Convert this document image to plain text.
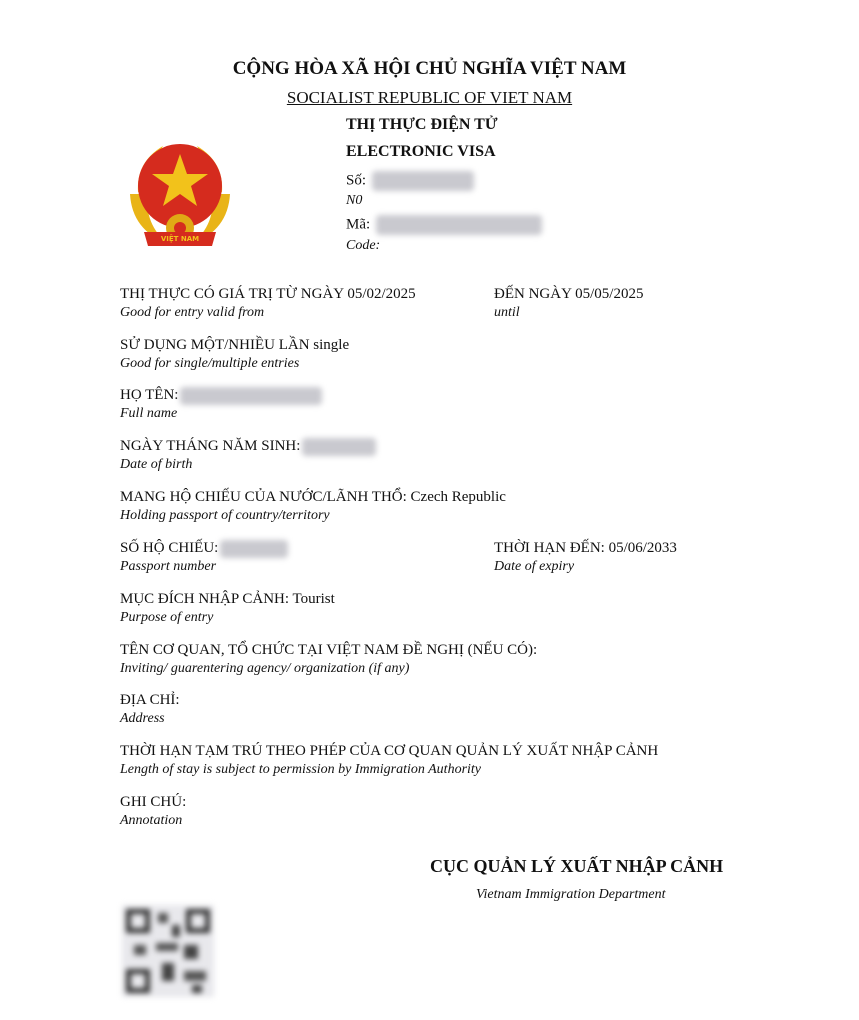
CỘNG HÒA XÃ HỘI CHỦ NGHĨA VIỆT NAM
SOCIALIST REPUBLIC OF VIET NAM
THỊ THỰC ĐIỆN TỬ
ELECTRONIC VISA
VIỆT NAM
Số:
N0
Mã:
Code:
THỊ THỰC CÓ GIÁ TRỊ TỪ NGÀY 05/02/2025
Good for entry valid from
ĐẾN NGÀY 05/05/2025
until
SỬ DỤNG MỘT/NHIỀU LẦN single
Good for single/multiple entries
HỌ TÊN:
Full name
NGÀY THÁNG NĂM SINH:
Date of birth
MANG HỘ CHIẾU CỦA NƯỚC/LÃNH THỔ: Czech Republic
Holding passport of country/territory
SỐ HỘ CHIẾU:
Passport number
THỜI HẠN ĐẾN: 05/06/2033
Date of expiry
MỤC ĐÍCH NHẬP CẢNH: Tourist
Purpose of entry
TÊN CƠ QUAN, TỔ CHỨC TẠI VIỆT NAM ĐỀ NGHỊ (NẾU CÓ):
Inviting/ guarentering agency/ organization (if any)
ĐỊA CHỈ:
Address
THỜI HẠN TẠM TRÚ THEO PHÉP CỦA CƠ QUAN QUẢN LÝ XUẤT NHẬP CẢNH
Length of stay is subject to permission by Immigration Authority
GHI CHÚ:
Annotation
CỤC QUẢN LÝ XUẤT NHẬP CẢNH
Vietnam Immigration Department
